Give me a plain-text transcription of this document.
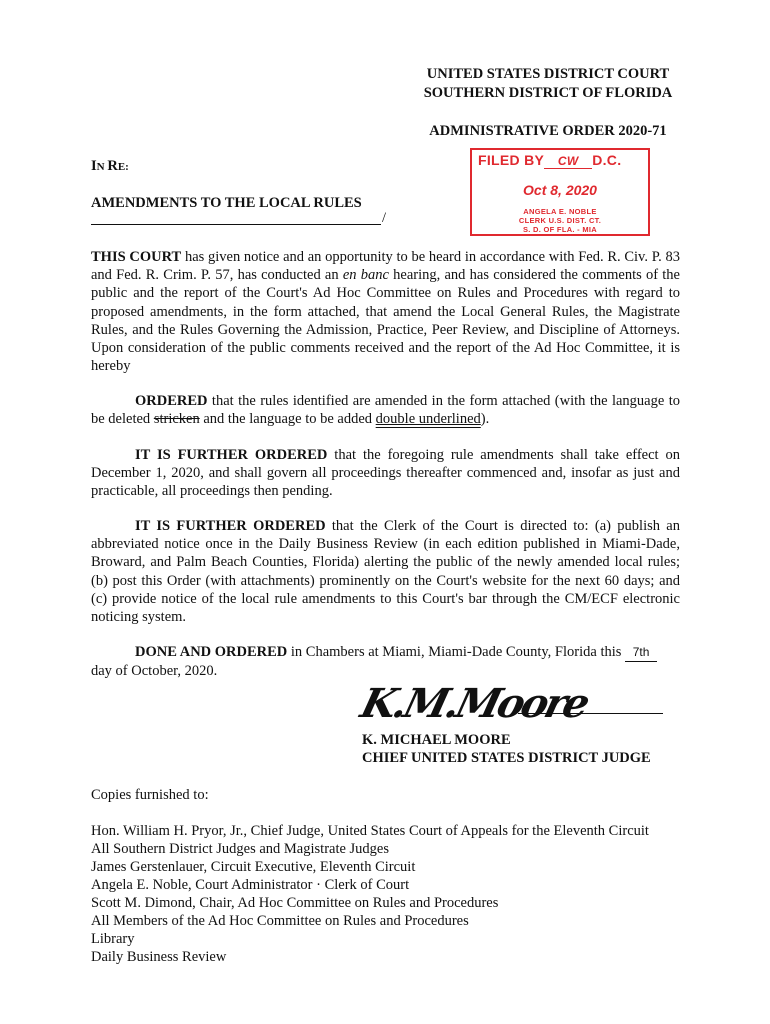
UNITED STATES DISTRICT COURT
SOUTHERN DISTRICT OF FLORIDA
ADMINISTRATIVE ORDER 2020-71
IN RE:
AMENDMENTS TO THE LOCAL RULES
/
FILED BY CW D.C.
Oct 8, 2020
ANGELA E. NOBLE
CLERK U.S. DIST. CT.
S. D. OF FLA. - MIA
THIS COURT has given notice and an opportunity to be heard in accordance with Fed. R. Civ. P. 83 and Fed. R. Crim. P. 57, has conducted an en banc hearing, and has considered the comments of the public and the report of the Court's Ad Hoc Committee on Rules and Procedures with regard to proposed amendments, in the form attached, that amend the Local General Rules, the Magistrate Rules, and the Rules Governing the Admission, Practice, Peer Review, and Discipline of Attorneys. Upon consideration of the public comments received and the report of the Ad Hoc Committee, it is hereby
ORDERED that the rules identified are amended in the form attached (with the language to be deleted stricken and the language to be added double underlined).
IT IS FURTHER ORDERED that the foregoing rule amendments shall take effect on December 1, 2020, and shall govern all proceedings thereafter commenced and, insofar as just and practicable, all proceedings then pending.
IT IS FURTHER ORDERED that the Clerk of the Court is directed to: (a) publish an abbreviated notice once in the Daily Business Review (in each edition published in Miami-Dade, Broward, and Palm Beach Counties, Florida) alerting the public of the newly amended local rules; (b) post this Order (with attachments) prominently on the Court's website for the next 60 days; and (c) provide notice of the local rule amendments to this Court's bar through the CM/ECF electronic noticing system.
DONE AND ORDERED in Chambers at Miami, Miami-Dade County, Florida this 7th
day of October, 2020.
K.M.Moore
K. MICHAEL MOORE
CHIEF UNITED STATES DISTRICT JUDGE
Copies furnished to:
Hon. William H. Pryor, Jr., Chief Judge, United States Court of Appeals for the Eleventh Circuit
All Southern District Judges and Magistrate Judges
James Gerstenlauer, Circuit Executive, Eleventh Circuit
Angela E. Noble, Court Administrator · Clerk of Court
Scott M. Dimond, Chair, Ad Hoc Committee on Rules and Procedures
All Members of the Ad Hoc Committee on Rules and Procedures
Library
Daily Business Review
